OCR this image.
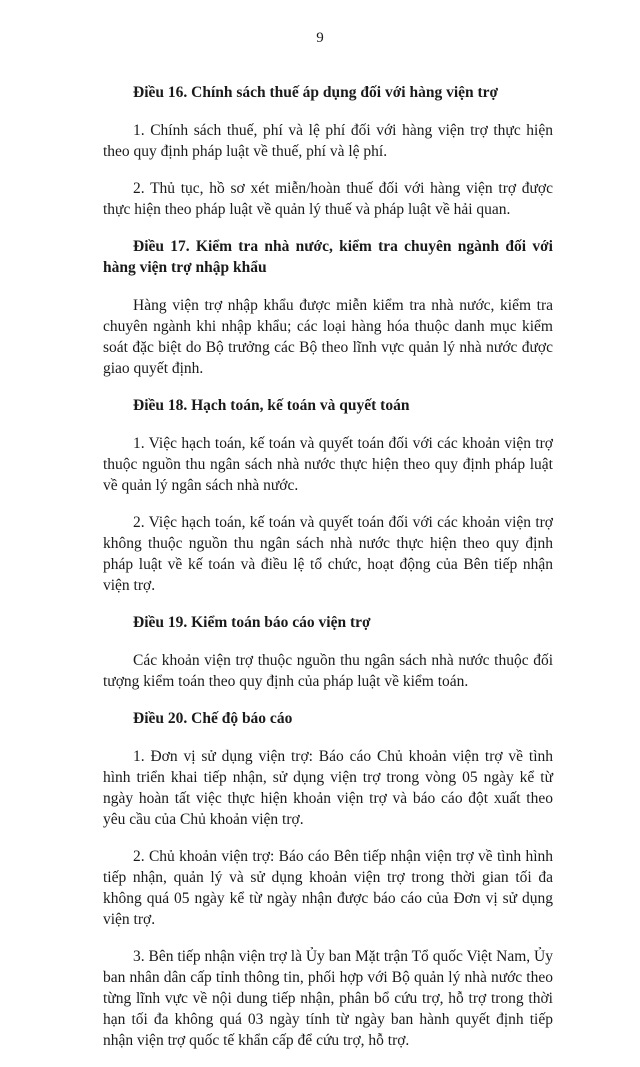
9
Điều 16. Chính sách thuế áp dụng đối với hàng viện trợ
1. Chính sách thuế, phí và lệ phí đối với hàng viện trợ thực hiện theo quy định pháp luật về thuế, phí và lệ phí.
2. Thủ tục, hồ sơ xét miễn/hoàn thuế đối với hàng viện trợ được thực hiện theo pháp luật về quản lý thuế và pháp luật về hải quan.
Điều 17. Kiểm tra nhà nước, kiểm tra chuyên ngành đối với hàng viện trợ nhập khẩu
Hàng viện trợ nhập khẩu được miễn kiểm tra nhà nước, kiểm tra chuyên ngành khi nhập khẩu; các loại hàng hóa thuộc danh mục kiểm soát đặc biệt do Bộ trưởng các Bộ theo lĩnh vực quản lý nhà nước được giao quyết định.
Điều 18. Hạch toán, kế toán và quyết toán
1. Việc hạch toán, kế toán và quyết toán đối với các khoản viện trợ thuộc nguồn thu ngân sách nhà nước thực hiện theo quy định pháp luật về quản lý ngân sách nhà nước.
2. Việc hạch toán, kế toán và quyết toán đối với các khoản viện trợ không thuộc nguồn thu ngân sách nhà nước thực hiện theo quy định pháp luật về kế toán và điều lệ tổ chức, hoạt động của Bên tiếp nhận viện trợ.
Điều 19. Kiểm toán báo cáo viện trợ
Các khoản viện trợ thuộc nguồn thu ngân sách nhà nước thuộc đối tượng kiểm toán theo quy định của pháp luật về kiểm toán.
Điều 20. Chế độ báo cáo
1. Đơn vị sử dụng viện trợ: Báo cáo Chủ khoản viện trợ về tình hình triển khai tiếp nhận, sử dụng viện trợ trong vòng 05 ngày kể từ ngày hoàn tất việc thực hiện khoản viện trợ và báo cáo đột xuất theo yêu cầu của Chủ khoản viện trợ.
2. Chủ khoản viện trợ: Báo cáo Bên tiếp nhận viện trợ về tình hình tiếp nhận, quản lý và sử dụng khoản viện trợ trong thời gian tối đa không quá 05 ngày kể từ ngày nhận được báo cáo của Đơn vị sử dụng viện trợ.
3. Bên tiếp nhận viện trợ là Ủy ban Mặt trận Tổ quốc Việt Nam, Ủy ban nhân dân cấp tỉnh thông tin, phối hợp với Bộ quản lý nhà nước theo từng lĩnh vực về nội dung tiếp nhận, phân bổ cứu trợ, hỗ trợ trong thời hạn tối đa không quá 03 ngày tính từ ngày ban hành quyết định tiếp nhận viện trợ quốc tế khẩn cấp để cứu trợ, hỗ trợ.
